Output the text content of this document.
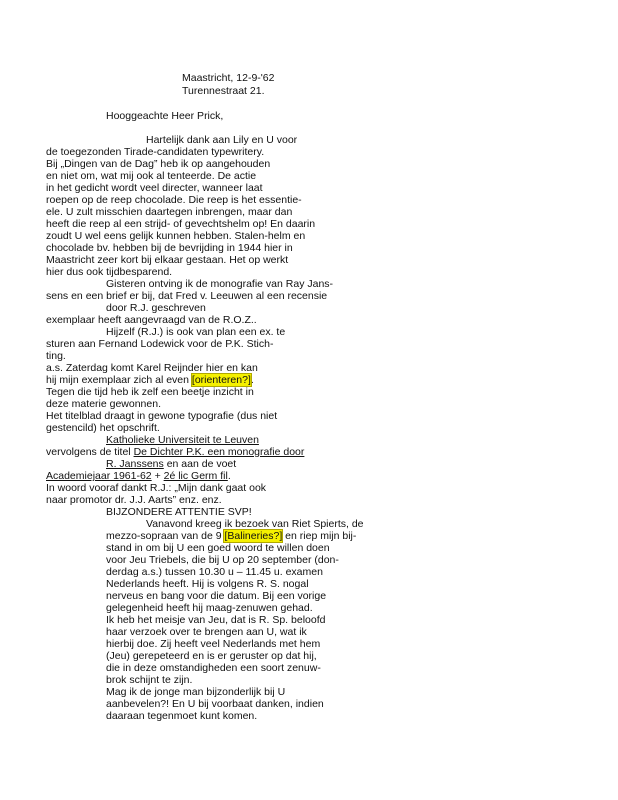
Maastricht, 12-9-'62
Turennestraat 21.
Hooggeachte Heer Prick,
Hartelijk dank aan Lily en U voor
de toegezonden Tirade-candidaten typewritery.
Bij „Dingen van de Dag” heb ik op aangehouden
en niet om, wat mij ook al tenteerde. De actie
in het gedicht wordt veel directer, wanneer laat
roepen op de reep chocolade. Die reep is het essentie-
ele. U zult misschien daartegen inbrengen, maar dan
heeft die reep al een strijd- of gevechtshelm op! En daarin
zoudt U wel eens gelijk kunnen hebben. Stalen-helm en
chocolade bv. hebben bij de bevrijding in 1944 hier in
Maastricht zeer kort bij elkaar gestaan. Het op werkt
hier dus ook tijdbesparend.
Gisteren ontving ik de monografie van Ray Jans-
sens en een brief er bij, dat Fred v. Leeuwen al een recensie
door R.J. geschreven
exemplaar heeft aangevraagd van de R.O.Z..
Hijzelf (R.J.) is ook van plan een ex. te
sturen aan Fernand Lodewick voor de P.K. Stich-
ting.
a.s. Zaterdag komt Karel Reijnder hier en kan
hij mijn exemplaar zich al even [orienteren?].
Tegen die tijd heb ik zelf een beetje inzicht in
deze materie gewonnen.
Het titelblad draagt in gewone typografie (dus niet
gestencild) het opschrift.
Katholieke Universiteit te Leuven
vervolgens de titel De Dichter P.K. een monografie door
R. Janssens en aan de voet
Academiejaar 1961-62 + 2é lic Germ fil.
In woord vooraf dankt R.J.: „Mijn dank gaat ook
naar promotor dr. J.J. Aarts” enz. enz.
BIJZONDERE ATTENTIE SVP!
Vanavond kreeg ik bezoek van Riet Spierts, de
mezzo-sopraan van de 9 [Balineries?] en riep mijn bij-
stand in om bij U een goed woord te willen doen
voor Jeu Triebels, die bij U op 20 september (don-
derdag a.s.) tussen 10.30 u – 11.45 u. examen
Nederlands heeft. Hij is volgens R. S. nogal
nerveus en bang voor die datum. Bij een vorige
gelegenheid heeft hij maag-zenuwen gehad.
Ik heb het meisje van Jeu, dat is R. Sp. beloofd
haar verzoek over te brengen aan U, wat ik
hierbij doe. Zij heeft veel Nederlands met hem
(Jeu) gerepeteerd en is er geruster op dat hij,
die in deze omstandigheden een soort zenuw-
brok schijnt te zijn.
Mag ik de jonge man bijzonderlijk bij U
aanbevelen?! En U bij voorbaat danken, indien
daaraan tegenmoet kunt komen.
